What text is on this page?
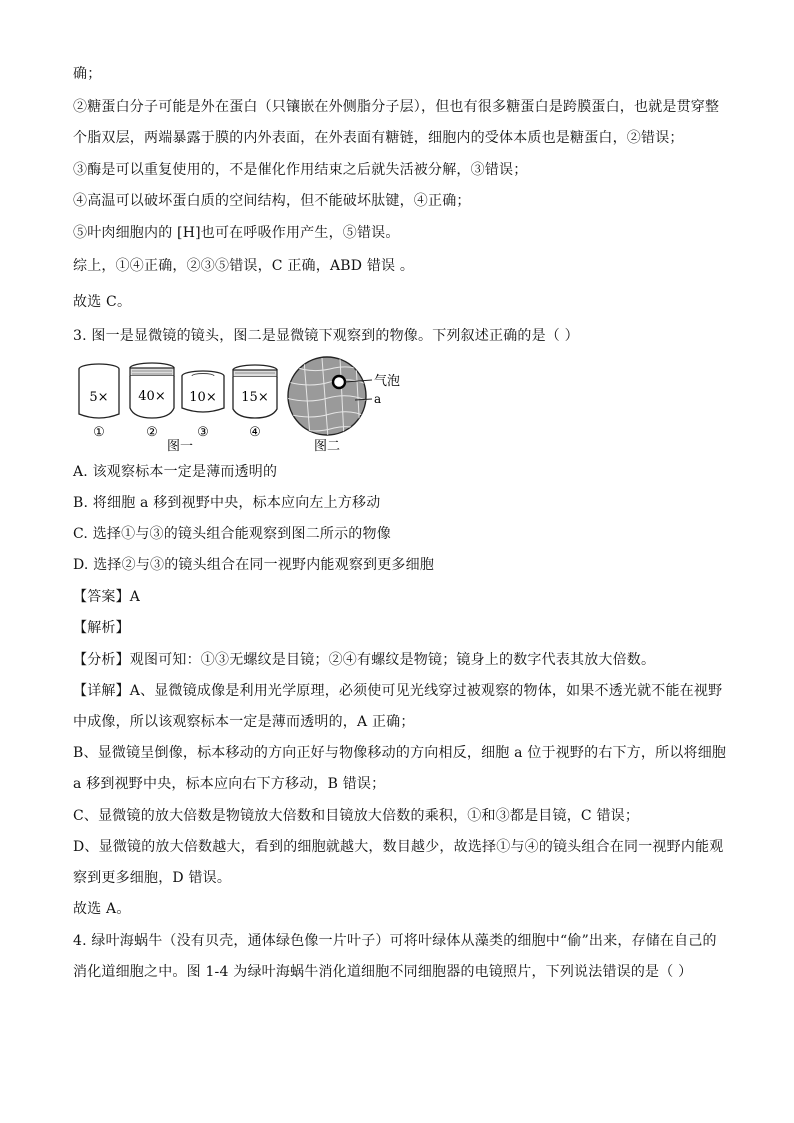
确；
②糖蛋白分子可能是外在蛋白（只镶嵌在外侧脂分子层），但也有很多糖蛋白是跨膜蛋白，也就是贯穿整
个脂双层，两端暴露于膜的内外表面，在外表面有糖链，细胞内的受体本质也是糖蛋白，②错误；
③酶是可以重复使用的，不是催化作用结束之后就失活被分解，③错误；
④高温可以破坏蛋白质的空间结构，但不能破坏肽键，④正确；
⑤叶肉细胞内的 [H]也可在呼吸作用产生，⑤错误。
综上，①④正确，②③⑤错误，C 正确，ABD 错误 。
故选 C。
3. 图一是显微镜的镜头，图二是显微镜下观察到的物像。下列叙述正确的是（ ）
5×
①
40×
②
10×
③
15×
④
图一
气泡
a
图二
A. 该观察标本一定是薄而透明的
B. 将细胞 a 移到视野中央，标本应向左上方移动
C. 选择①与③的镜头组合能观察到图二所示的物像
D. 选择②与③的镜头组合在同一视野内能观察到更多细胞
【答案】A
【解析】
【分析】观图可知：①③无螺纹是目镜；②④有螺纹是物镜；镜身上的数字代表其放大倍数。
【详解】A、显微镜成像是利用光学原理，必须使可见光线穿过被观察的物体，如果不透光就不能在视野
中成像，所以该观察标本一定是薄而透明的，A 正确；
B、显微镜呈倒像，标本移动的方向正好与物像移动的方向相反，细胞 a 位于视野的右下方，所以将细胞
a 移到视野中央，标本应向右下方移动，B 错误；
C、显微镜的放大倍数是物镜放大倍数和目镜放大倍数的乘积，①和③都是目镜，C 错误；
D、显微镜的放大倍数越大，看到的细胞就越大，数目越少，故选择①与④的镜头组合在同一视野内能观
察到更多细胞，D 错误。
故选 A。
4. 绿叶海蜗牛（没有贝壳，通体绿色像一片叶子）可将叶绿体从藻类的细胞中“偷”出来，存储在自己的
消化道细胞之中。图 1-4 为绿叶海蜗牛消化道细胞不同细胞器的电镜照片，下列说法错误的是（ ）
